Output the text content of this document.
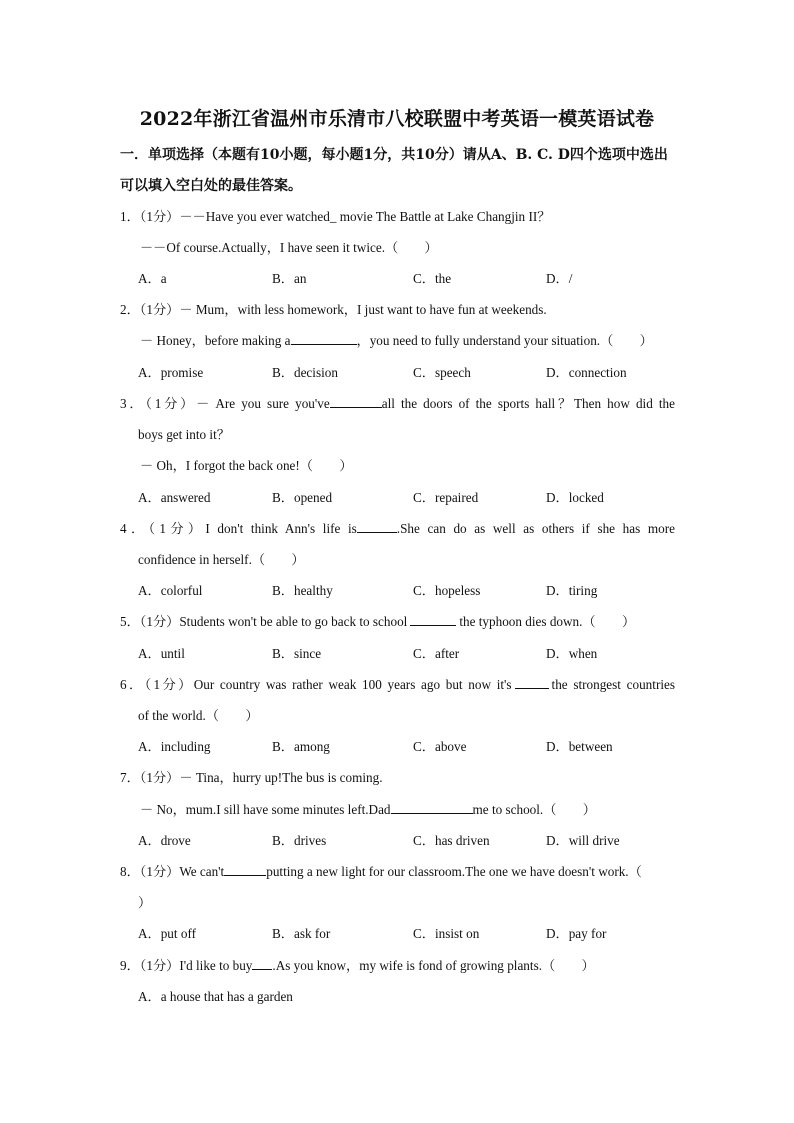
2022年浙江省温州市乐清市八校联盟中考英语一模英语试卷
一．单项选择（本题有10小题，每小题1分，共10分）请从A、B. C. D四个选项中选出
可以填入空白处的最佳答案。
1．（1分）－－Have you ever watched_ movie The Battle at Lake Changjin II？
－－Of course.Actually，I have seen it twice.（　　）
A．a	B．an	C．the	D．/
2．（1分）－ Mum，with less homework，I just want to have fun at weekends.
－ Honey，before making a	，you need to fully understand your situation.（　　）
A．promise	B．decision	C．speech	D．connection
3．（1分）－ Are you sure you've	all the doors of the sports hall？Then how did the
boys get into it？
－ Oh，I forgot the back one!（　　）
A．answered	B．opened	C．repaired	D．locked
4．（1分）I don't think Ann's life is	.She can do as well as others if she has more
confidence in herself.（　　）
A．colorful	B．healthy	C．hopeless	D．tiring
5．（1分）Students won't be able to go back to school	the typhoon dies down.（　　）
A．until	B．since	C．after	D．when
6．（1分）Our country was rather weak 100 years ago but now it's	the strongest countries
of the world.（　　）
A．including	B．among	C．above	D．between
7．（1分）－ Tina，hurry up!The bus is coming.
－ No，mum.I sill have some minutes left.Dad	me to school.（　　）
A．drove	B．drives	C．has driven	D．will drive
8．（1分）We can't	putting a new light for our classroom.The one we have doesn't work.（
）
A．put off	B．ask for	C．insist on	D．pay for
9．（1分）I'd like to buy .As you know，my wife is fond of growing plants.（　　）
A．a house that has a garden
